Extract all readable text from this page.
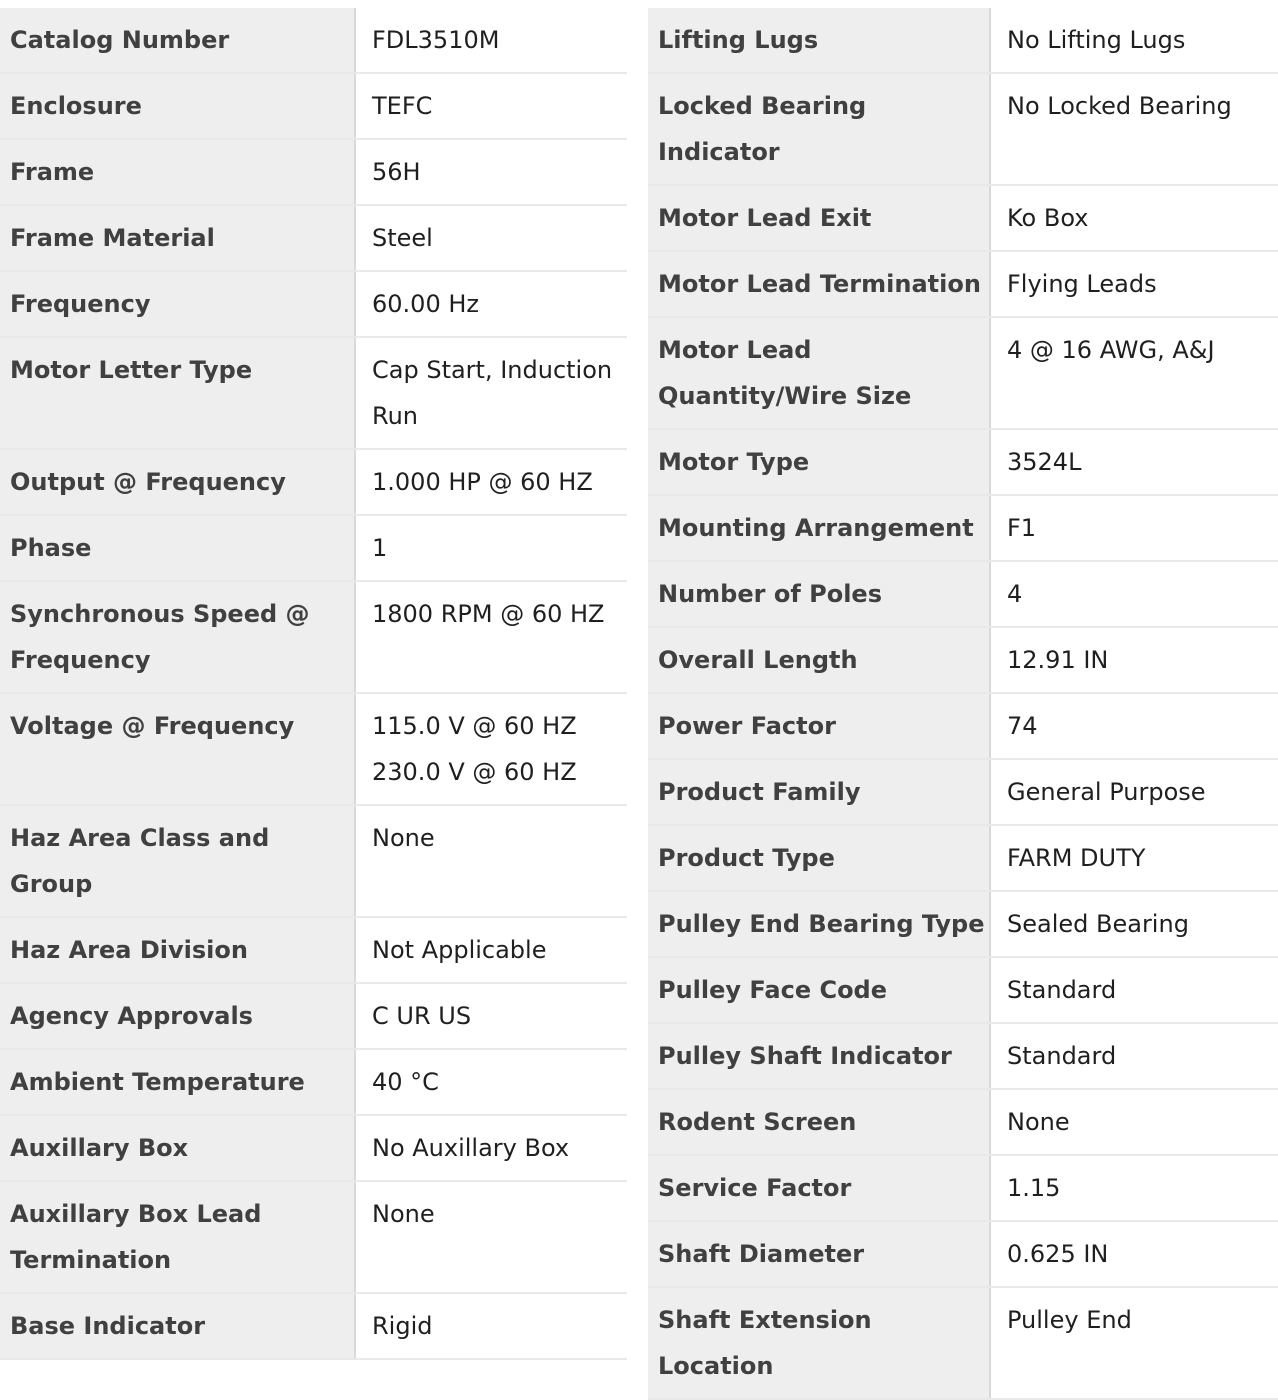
Catalog Number	FDL3510M

Enclosure	TEFC

Frame	56H

Frame Material	Steel

Frequency	60.00 Hz

Motor Letter Type	Cap Start, Induction
Run

Output @ Frequency	1.000 HP @ 60 HZ

Phase	1

Synchronous Speed @ Frequency	1800 RPM @ 60 HZ

Voltage @ Frequency	115.0 V @ 60 HZ
230.0 V @ 60 HZ

Haz Area Class and Group	None

Haz Area Division	Not Applicable

Agency Approvals	C UR US

Ambient Temperature	40 °C

Auxillary Box	No Auxillary Box

Auxillary Box Lead Termination	None

Base Indicator	Rigid
Lifting Lugs	No Lifting Lugs

Locked Bearing Indicator	No Locked Bearing

Motor Lead Exit	Ko Box

Motor Lead Termination	Flying Leads

Motor Lead Quantity/Wire Size	4 @ 16 AWG, A&J

Motor Type	3524L

Mounting Arrangement	F1

Number of Poles	4

Overall Length	12.91 IN

Power Factor	74

Product Family	General Purpose

Product Type	FARM DUTY

Pulley End Bearing Type	Sealed Bearing

Pulley Face Code	Standard

Pulley Shaft Indicator	Standard

Rodent Screen	None

Service Factor	1.15

Shaft Diameter	0.625 IN

Shaft Extension Location	Pulley End
